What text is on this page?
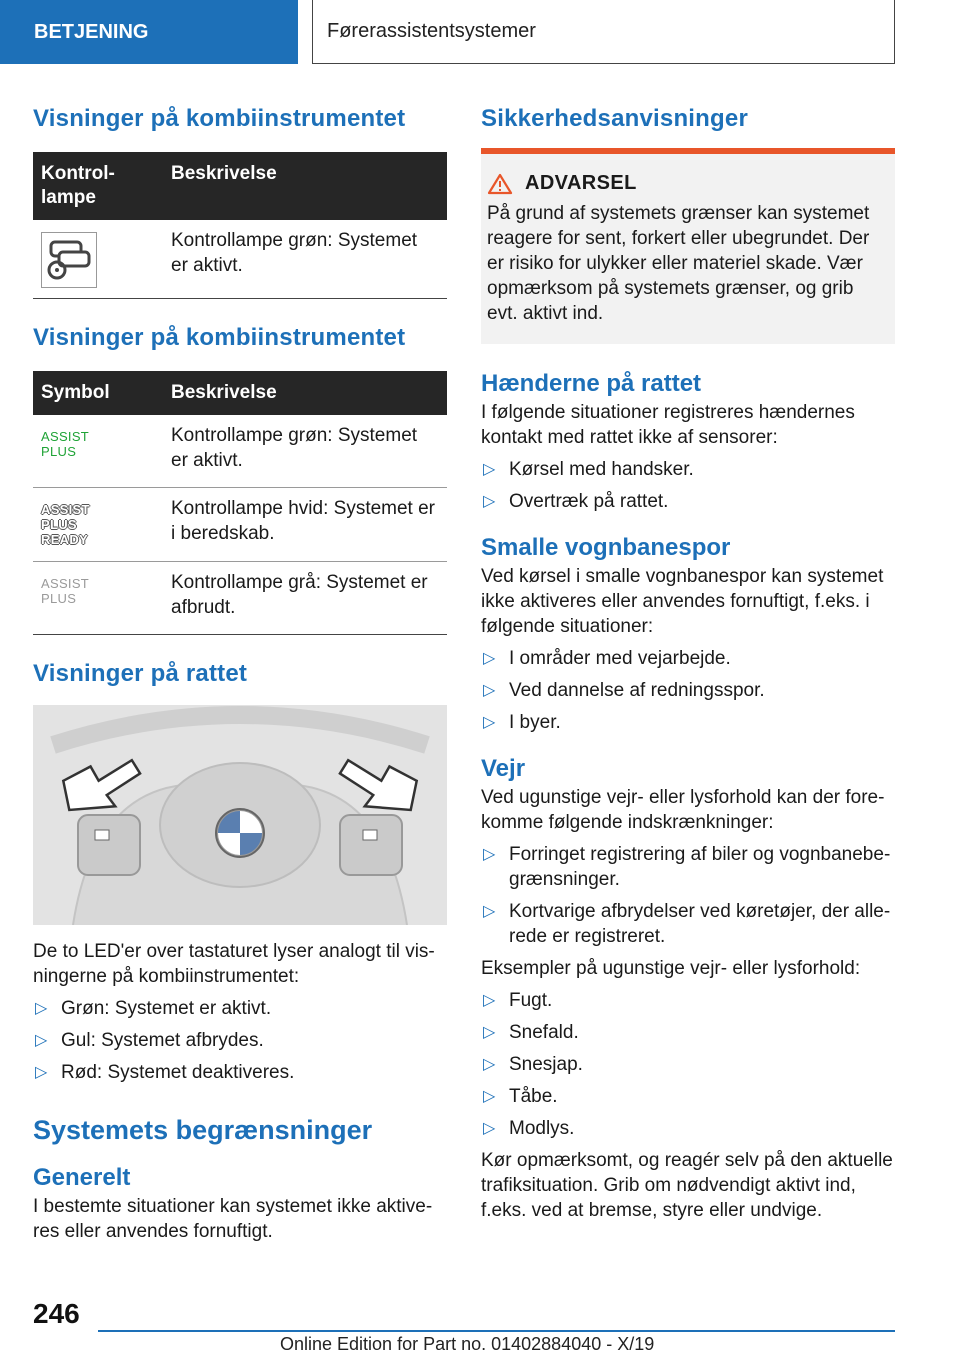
BETJENING	Førerassistentsystemer
Visninger på kombiinstrumentet
Kontrol-
lampe	Beskrivelse

	Kontrollampe grøn: Systemet er aktivt.
Visninger på kombiinstrumentet
Symbol	Beskrivelse

ASSIST
PLUS	Kontrollampe grøn: Systemet er aktivt.

ASSIST
PLUS
READY	Kontrollampe hvid: Systemet er i beredskab.

ASSIST
PLUS	Kontrollampe grå: Systemet er afbrudt.
Visninger på rattet

De to LED'er over tastaturet lyser analogt til vis-ningerne på kombiinstrumentet:

▷ Grøn: Systemet er aktivt.
▷ Gul: Systemet afbrydes.
▷ Rød: Systemet deaktiveres.
Systemets begrænsninger
Generelt

I bestemte situationer kan systemet ikke aktive-res eller anvendes fornuftigt.

Sikkerhedsanvisninger
ADVARSEL

På grund af systemets grænser kan systemet reagere for sent, forkert eller ubegrundet. Der er risiko for ulykker eller materiel skade. Vær opmærksom på systemets grænser, og grib evt. aktivt ind.

Hænderne på rattet

I følgende situationer registreres hændernes kontakt med rattet ikke af sensorer:

▷ Kørsel med handsker.
▷ Overtræk på rattet.
Smalle vognbanespor

Ved kørsel i smalle vognbanespor kan systemet ikke aktiveres eller anvendes fornuftigt, f.eks. i følgende situationer:

▷ I områder med vejarbejde.
▷ Ved dannelse af redningsspor.
▷ I byer.
Vejr

Ved ugunstige vejr- eller lysforhold kan der fore-komme følgende indskrænkninger:

▷ Forringet registrering af biler og vognbanebe-grænsninger.
▷ Kortvarige afbrydelser ved køretøjer, der alle-rede er registreret.

Eksempler på ugunstige vejr- eller lysforhold:

▷ Fugt.
▷ Snefald.
▷ Snesjap.
▷ Tåbe.
▷ Modlys.

Kør opmærksomt, og reagér selv på den aktuelle trafiksituation. Grib om nødvendigt aktivt ind, f.eks. ved at bremse, styre eller undvige.

246
Online Edition for Part no. 01402884040 - X/19
